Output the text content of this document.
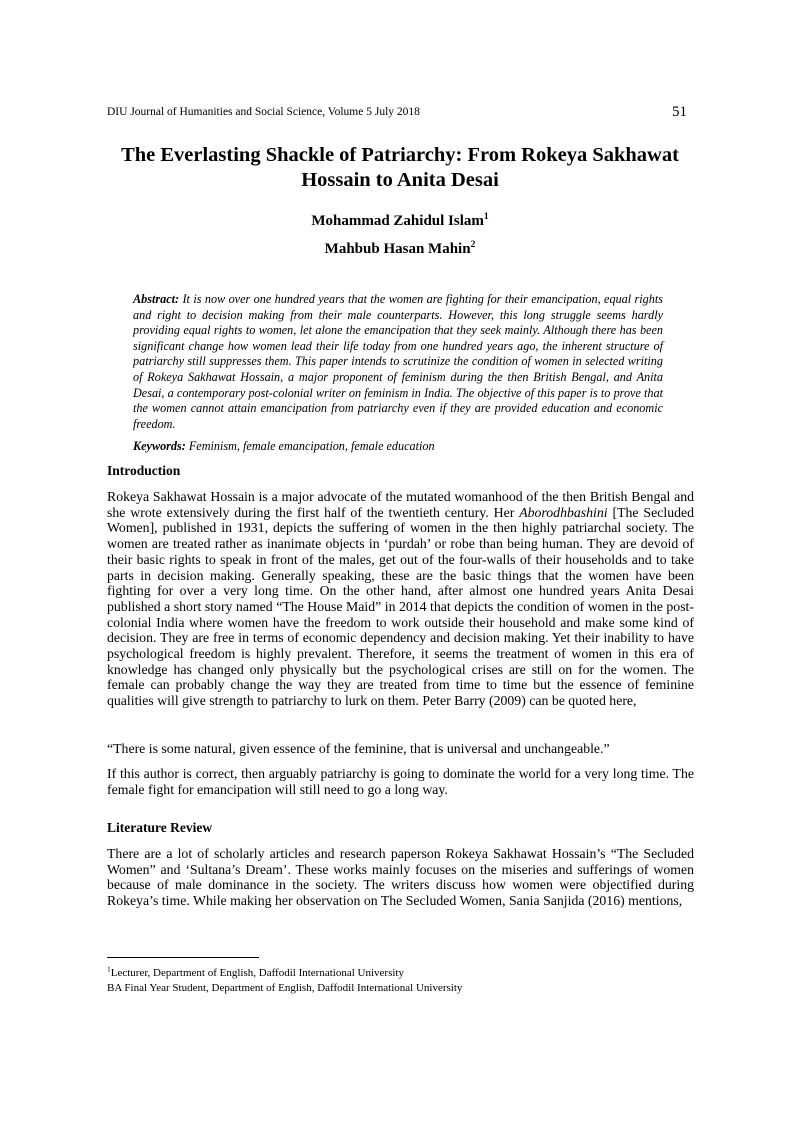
DIU Journal of Humanities and Social Science, Volume 5 July 2018	51
The Everlasting Shackle of Patriarchy: From Rokeya Sakhawat
Hossain to Anita Desai
Mohammad Zahidul Islam$^1$
Mahbub Hasan Mahin$^2$
Abstract: It is now over one hundred years that the women are fighting for their emancipation, equal rights and right to decision making from their male counterparts. However, this long struggle seems hardly providing equal rights to women, let alone the emancipation that they seek mainly. Although there has been significant change how women lead their life today from one hundred years ago, the inherent structure of patriarchy still suppresses them. This paper intends to scrutinize the condition of women in selected writing of Rokeya Sakhawat Hossain, a major proponent of feminism during the then British Bengal, and Anita Desai, a contemporary post-colonial writer on feminism in India. The objective of this paper is to prove that the women cannot attain emancipation from patriarchy even if they are provided education and economic freedom.
Keywords: Feminism, female emancipation, female education
Introduction
Rokeya Sakhawat Hossain is a major advocate of the mutated womanhood of the then British Bengal and she wrote extensively during the first half of the twentieth century. Her Aborodhbashini [The Secluded Women], published in 1931, depicts the suffering of women in the then highly patriarchal society. The women are treated rather as inanimate objects in ‘purdah’ or robe than being human. They are devoid of their basic rights to speak in front of the males, get out of the four-walls of their households and to take parts in decision making. Generally speaking, these are the basic things that the women have been fighting for over a very long time. On the other hand, after almost one hundred years Anita Desai published a short story named “The House Maid” in 2014 that depicts the condition of women in the post-colonial India where women have the freedom to work outside their household and make some kind of decision. They are free in terms of economic dependency and decision making. Yet their inability to have psychological freedom is highly prevalent. Therefore, it seems the treatment of women in this era of knowledge has changed only physically but the psychological crises are still on for the women. The female can probably change the way they are treated from time to time but the essence of feminine qualities will give strength to patriarchy to lurk on them. Peter Barry (2009) can be quoted here,
“There is some natural, given essence of the feminine, that is universal and unchangeable.”
If this author is correct, then arguably patriarchy is going to dominate the world for a very long time. The female fight for emancipation will still need to go a long way.
Literature Review
There are a lot of scholarly articles and research paperson Rokeya Sakhawat Hossain’s “The Secluded Women” and ‘Sultana’s Dream’. These works mainly focuses on the miseries and sufferings of women because of male dominance in the society. The writers discuss how women were objectified during Rokeya’s time. While making her observation on The Secluded Women, Sania Sanjida (2016) mentions,
$^1$Lecturer, Department of English, Daffodil International University
BA Final Year Student, Department of English, Daffodil International University
